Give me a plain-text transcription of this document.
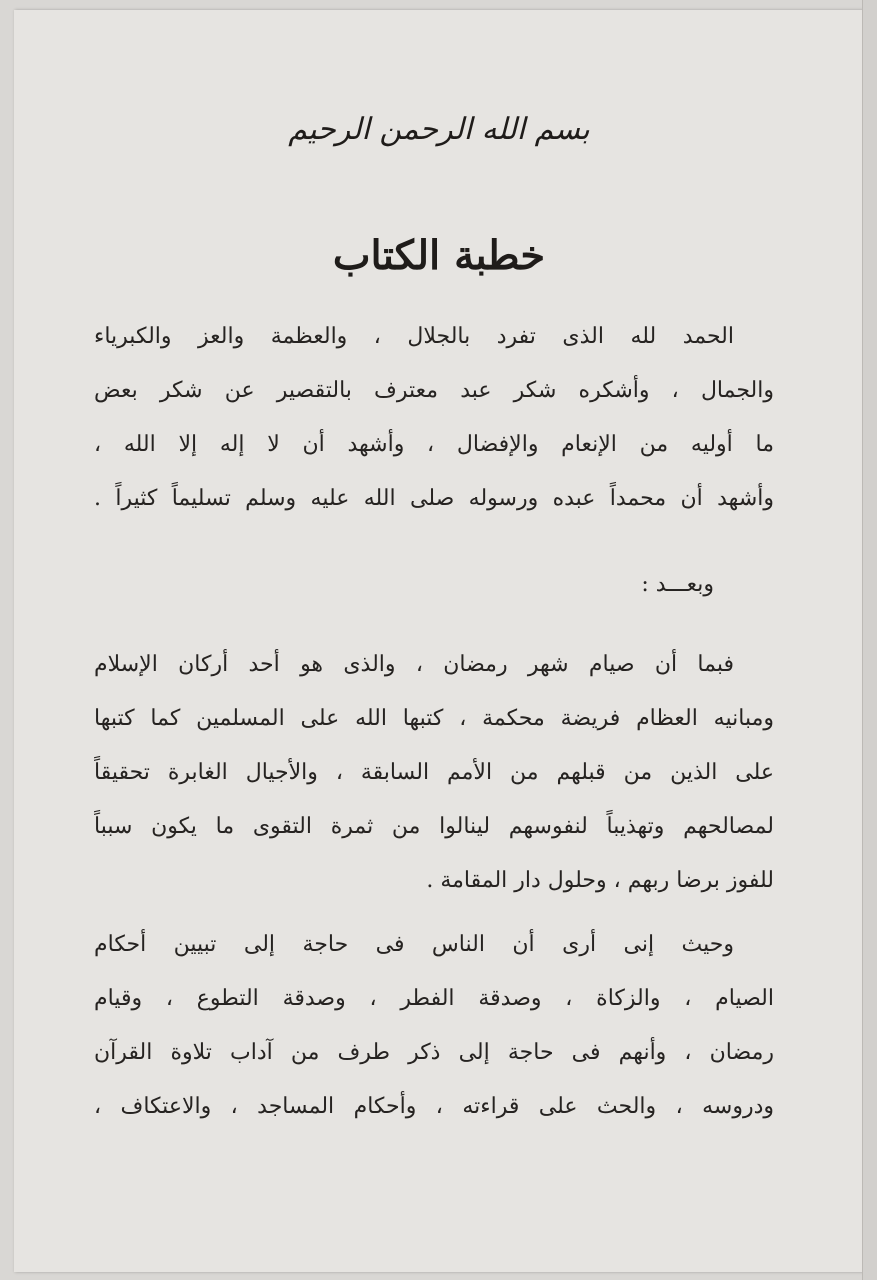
بسم الله الرحمن الرحيم
خطبة الكتاب
الحمد لله الذى تفرد بالجلال ، والعظمة والعز والكبرياء
والجمال ، وأشكره شكر عبد معترف بالتقصير عن شكر بعض
ما أوليه من الإنعام والإفضال ، وأشهد أن لا إله إلا الله ،
وأشهد أن محمداً عبده ورسوله صلى الله عليه وسلم تسليماً كثيراً .
وبعـــد :
فبما أن صيام شهر رمضان ، والذى هو أحد أركان الإسلام
ومبانيه العظام فريضة محكمة ، كتبها الله على المسلمين كما كتبها
على الذين من قبلهم من الأمم السابقة ، والأجيال الغابرة تحقيقاً
لمصالحهم وتهذيباً لنفوسهم لينالوا من ثمرة التقوى ما يكون سبباً
للفوز برضا ربهم ، وحلول دار المقامة .
وحيث إنى أرى أن الناس فى حاجة إلى تبيين أحكام
الصيام ، والزكاة ، وصدقة الفطر ، وصدقة التطوع ، وقيام
رمضان ، وأنهم فى حاجة إلى ذكر طرف من آداب تلاوة القرآن
ودروسه ، والحث على قراءته ، وأحكام المساجد ، والاعتكاف ،
